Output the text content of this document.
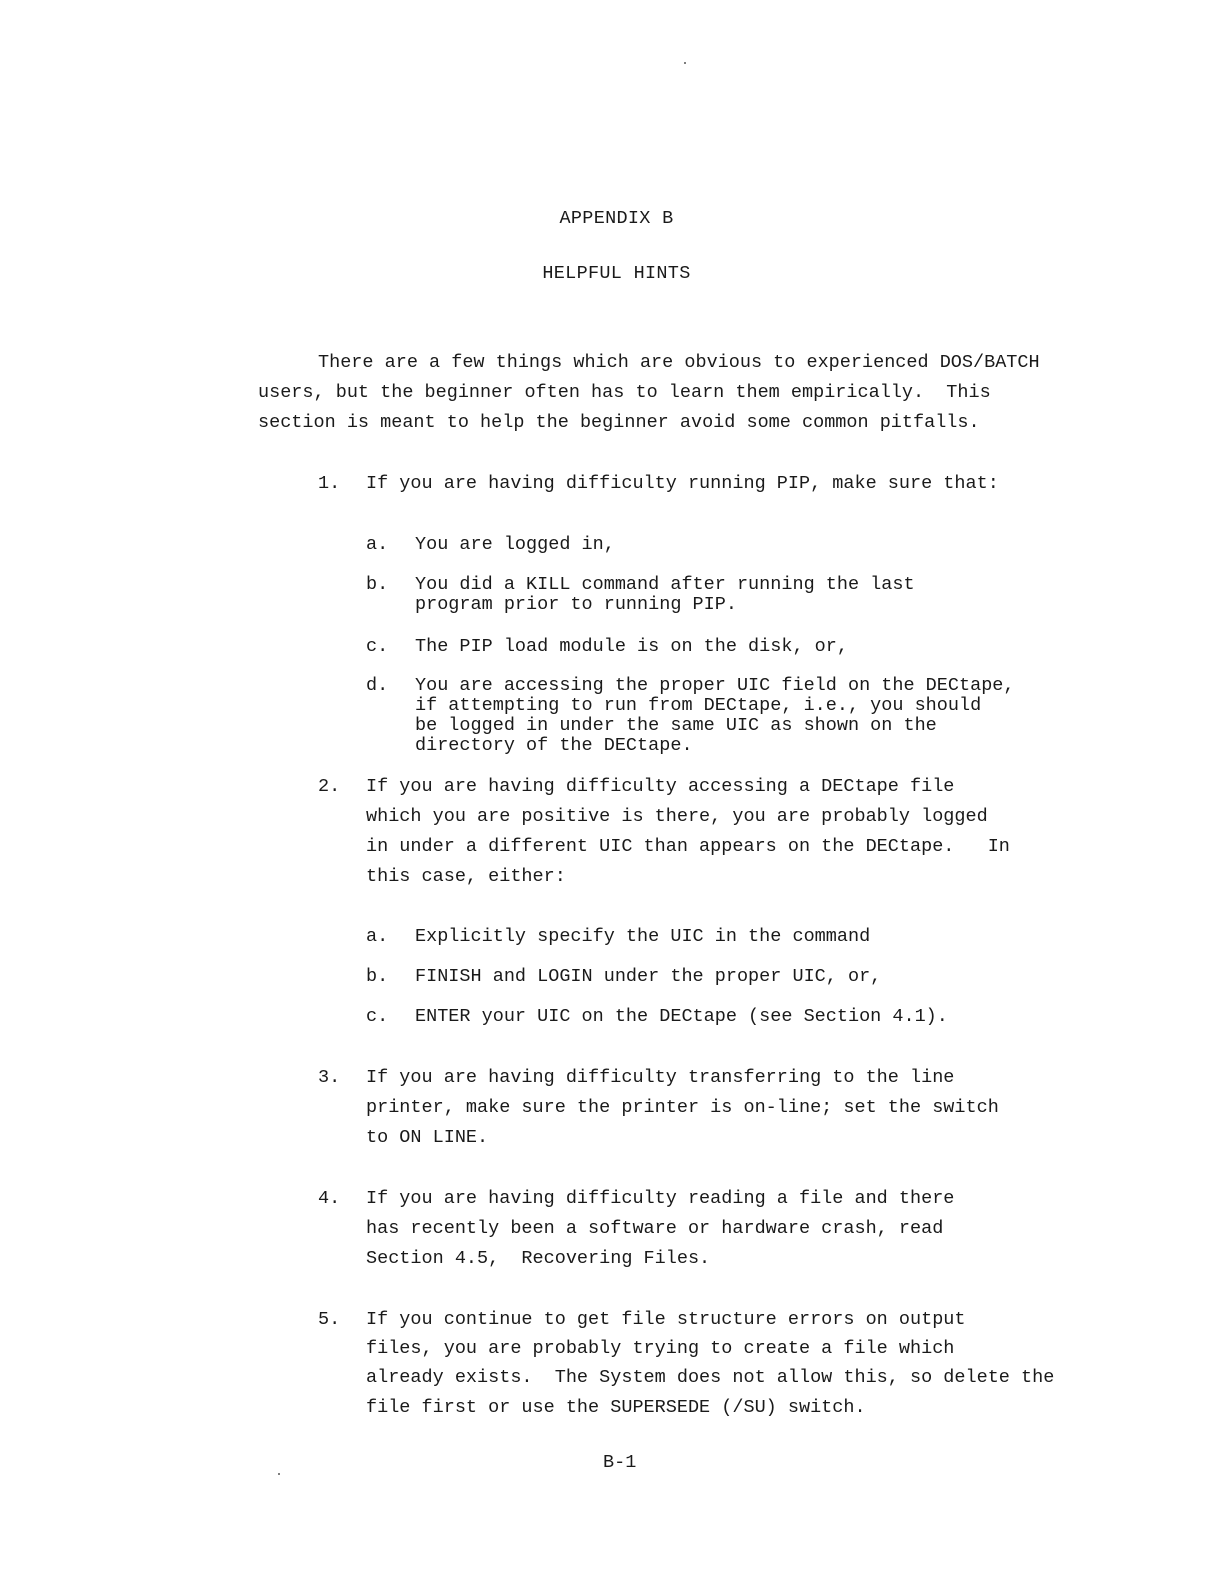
APPENDIX B
HELPFUL HINTS
There are a few things which are obvious to experienced DOS/BATCH
users, but the beginner often has to learn them empirically.  This
section is meant to help the beginner avoid some common pitfalls.
1. If you are having difficulty running PIP, make sure that:
a. You are logged in,
b. You did a KILL command after running the last
program prior to running PIP.
c. The PIP load module is on the disk, or,
d. You are accessing the proper UIC field on the DECtape,
if attempting to run from DECtape, i.e., you should
be logged in under the same UIC as shown on the
directory of the DECtape.
2. If you are having difficulty accessing a DECtape file
which you are positive is there, you are probably logged
in under a different UIC than appears on the DECtape.   In
this case, either:
a. Explicitly specify the UIC in the command
b. FINISH and LOGIN under the proper UIC, or,
c. ENTER your UIC on the DECtape (see Section 4.1).
3. If you are having difficulty transferring to the line
printer, make sure the printer is on-line; set the switch
to ON LINE.
4. If you are having difficulty reading a file and there
has recently been a software or hardware crash, read
Section 4.5,  Recovering Files.
5. If you continue to get file structure errors on output
files, you are probably trying to create a file which
already exists.  The System does not allow this, so delete the
file first or use the SUPERSEDE (/SU) switch.
B-1
